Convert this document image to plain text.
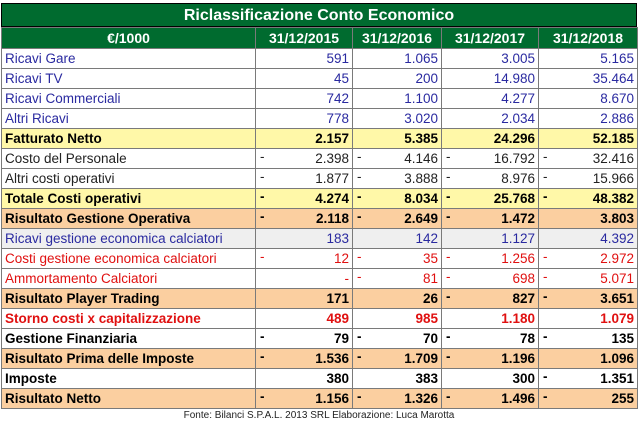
Riclassificazione Conto Economico
€/1000	31/12/2015	31/12/2016	31/12/2017	31/12/2018
Ricavi Gare	591	1.065	3.005	5.165
Ricavi TV	45	200	14.980	35.464
Ricavi Commerciali	742	1.100	4.277	8.670
Altri Ricavi	778	3.020	2.034	2.886
Fatturato Netto	2.157	5.385	24.296	52.185
Costo del Personale	- 2.398	- 4.146	- 16.792	- 32.416
Altri costi operativi	- 1.877	- 3.888	- 8.976	- 15.966
Totale Costi operativi	- 4.274	- 8.034	- 25.768	- 48.382
Risultato Gestione Operativa	- 2.118	- 2.649	- 1.472	3.803
Ricavi gestione economica calciatori	183	142	1.127	4.392
Costi gestione economica calciatori	- 12	- 35	- 1.256	- 2.972
Ammortamento Calciatori	-	- 81	- 698	- 5.071
Risultato Player Trading	171	26	- 827	- 3.651
Storno costi x capitalizzazione	489	985	1.180	1.079
Gestione Finanziaria	- 79	- 70	- 78	- 135
Risultato Prima delle Imposte	- 1.536	- 1.709	- 1.196	1.096
Imposte	380	383	300	- 1.351
Risultato Netto	- 1.156	- 1.326	- 1.496	- 255
Fonte: Bilanci S.P.A.L. 2013 SRL Elaborazione: Luca Marotta
